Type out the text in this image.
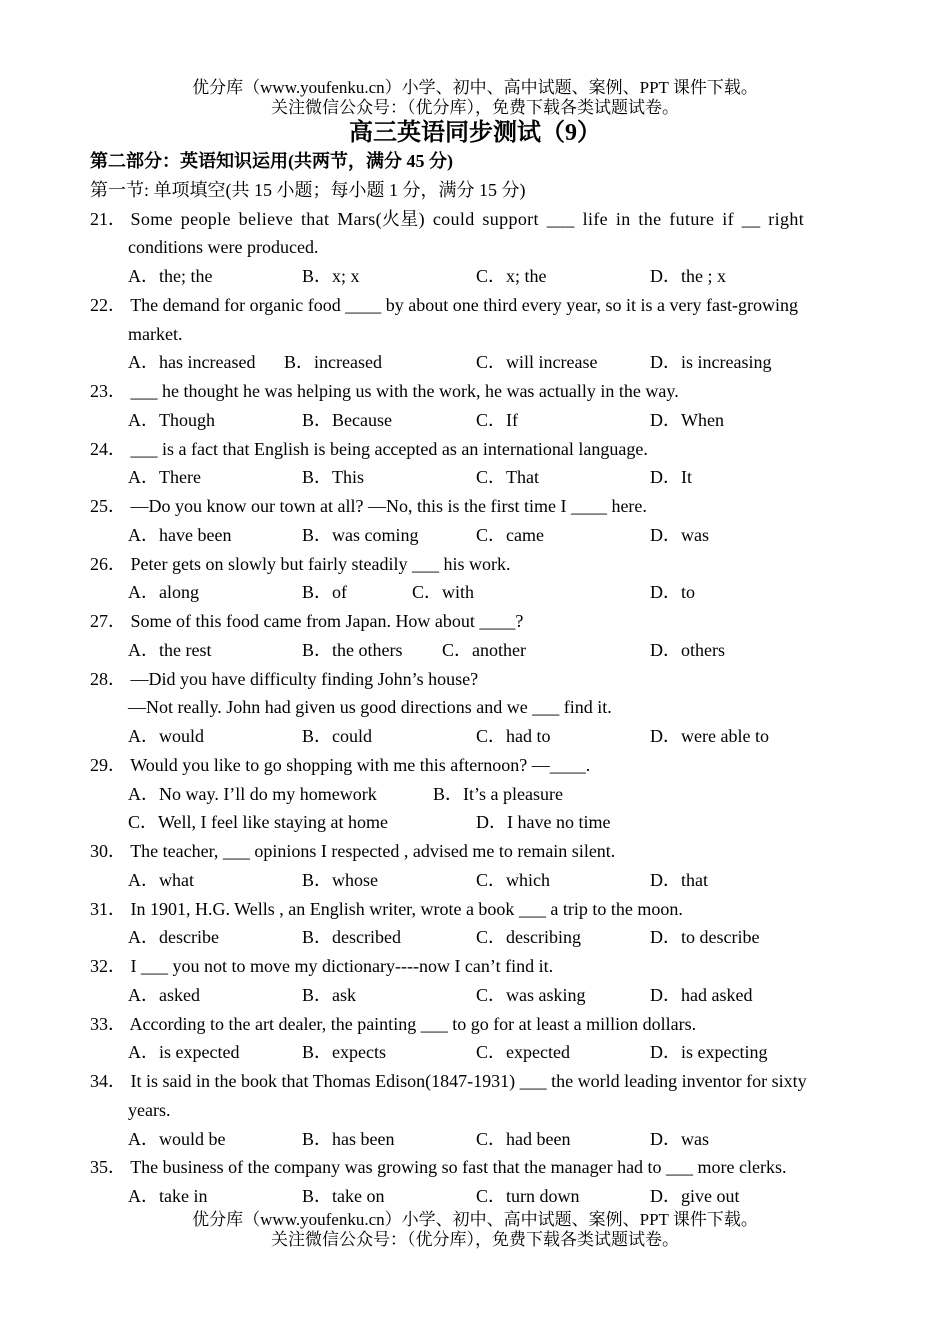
优分库（www.youfenku.cn）小学、初中、高中试题、案例、PPT 课件下载。
关注微信公众号：（优分库），免费下载各类试题试卷。
高三英语同步测试（9）
第二部分：英语知识运用(共两节，满分 45 分)
第一节: 单项填空(共 15 小题；每小题 1 分，满分 15 分)
21． Some people believe that Mars(火星) could support ___ life in the future if __ right
conditions were produced.
A．the; the	B．x; x	C．x; the	D．the ; x
22． The demand for organic food ____ by about one third every year, so it is a very fast-growing
market.
A．has increased B．increased	C．will increase	D．is increasing
23． ___ he thought he was helping us with the work, he was actually in the way.
A．Though	B．Because	C．If	D．When
24． ___ is a fact that English is being accepted as an international language.
A．There	B．This	C．That	D．It
25． —Do you know our town at all? —No, this is the first time I ____ here.
A．have been	B．was coming	C．came	D．was
26． Peter gets on slowly but fairly steadily ___ his work.
A．along	B．of	C．with	D．to
27． Some of this food came from Japan. How about ____?
A．the rest	B．the others C．another	D．others
28． —Did you have difficulty finding John’s house?
—Not really. John had given us good directions and we ___ find it.
A．would	B．could	C．had to	D．were able to
29． Would you like to go shopping with me this afternoon? —____.
A．No way. I’ll do my homework	B．It’s a pleasure
C．Well, I feel like staying at home	D．I have no time
30． The teacher, ___ opinions I respected , advised me to remain silent.
A．what	B．whose	C．which	D．that
31． In 1901, H.G. Wells , an English writer, wrote a book ___ a trip to the moon.
A．describe	B．described	C．describing	D．to describe
32． I ___ you not to move my dictionary----now I can’t find it.
A．asked	B．ask	C．was asking	D．had asked
33． According to the art dealer, the painting ___ to go for at least a million dollars.
A．is expected	B．expects	C．expected	D．is expecting
34． It is said in the book that Thomas Edison(1847-1931) ___ the world leading inventor for sixty
years.
A．would be	B．has been	C．had been	D．was
35． The business of the company was growing so fast that the manager had to ___ more clerks.
A．take in	B．take on	C．turn down	D．give out
优分库（www.youfenku.cn）小学、初中、高中试题、案例、PPT 课件下载。
关注微信公众号：（优分库），免费下载各类试题试卷。
